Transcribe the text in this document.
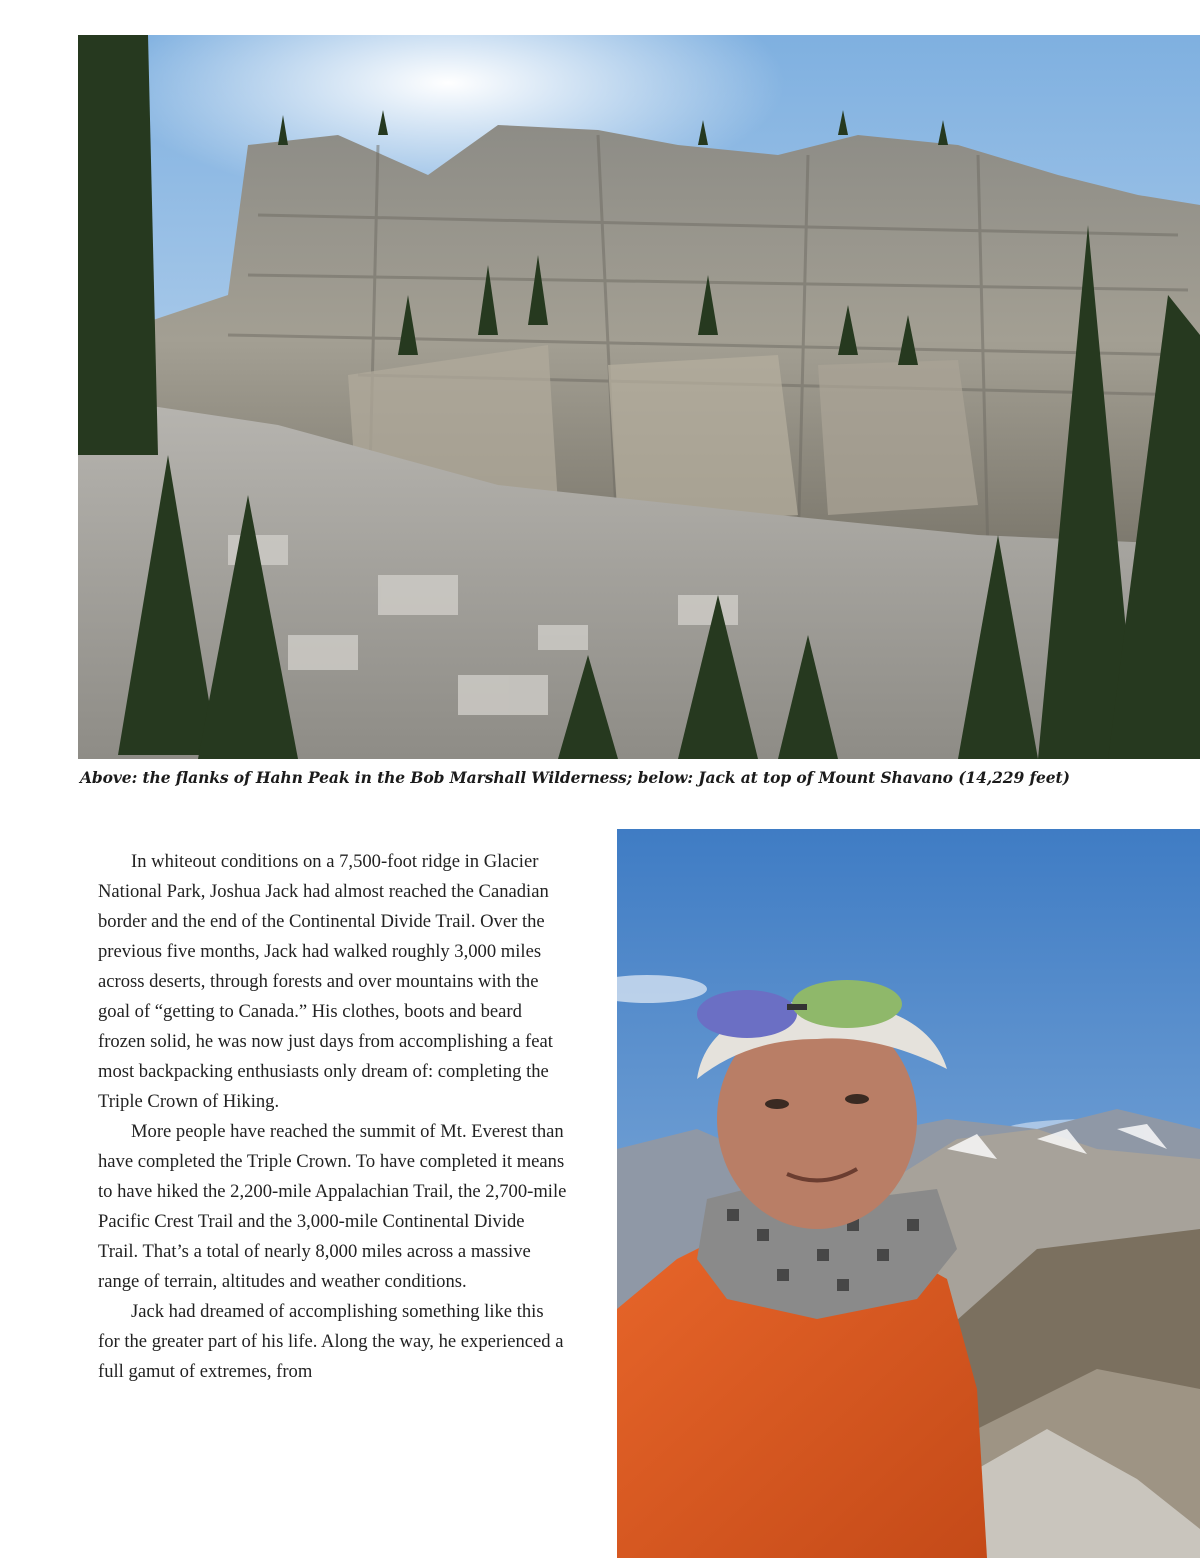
Above: the flanks of Hahn Peak in the Bob Marshall Wilderness; below: Jack at top of Mount Shavano (14,229 feet)

In whiteout conditions on a 7,500-foot ridge in Glacier National Park, Joshua Jack had almost reached the Canadian border and the end of the Continental Divide Trail. Over the previous five months, Jack had walked roughly 3,000 miles across deserts, through forests and over mountains with the goal of “getting to Canada.” His clothes, boots and beard frozen solid, he was now just days from accomplishing a feat most backpacking enthusiasts only dream of: completing the Triple Crown of Hiking.

More people have reached the summit of Mt. Everest than have completed the Triple Crown. To have completed it means to have hiked the 2,200-mile Appalachian Trail, the 2,700-mile Pacific Crest Trail and the 3,000-mile Continental Divide Trail. That’s a total of nearly 8,000 miles across a massive range of terrain, altitudes and weather conditions.

Jack had dreamed of accomplishing something like this for the greater part of his life. Along the way, he experienced a full gamut of extremes, from
